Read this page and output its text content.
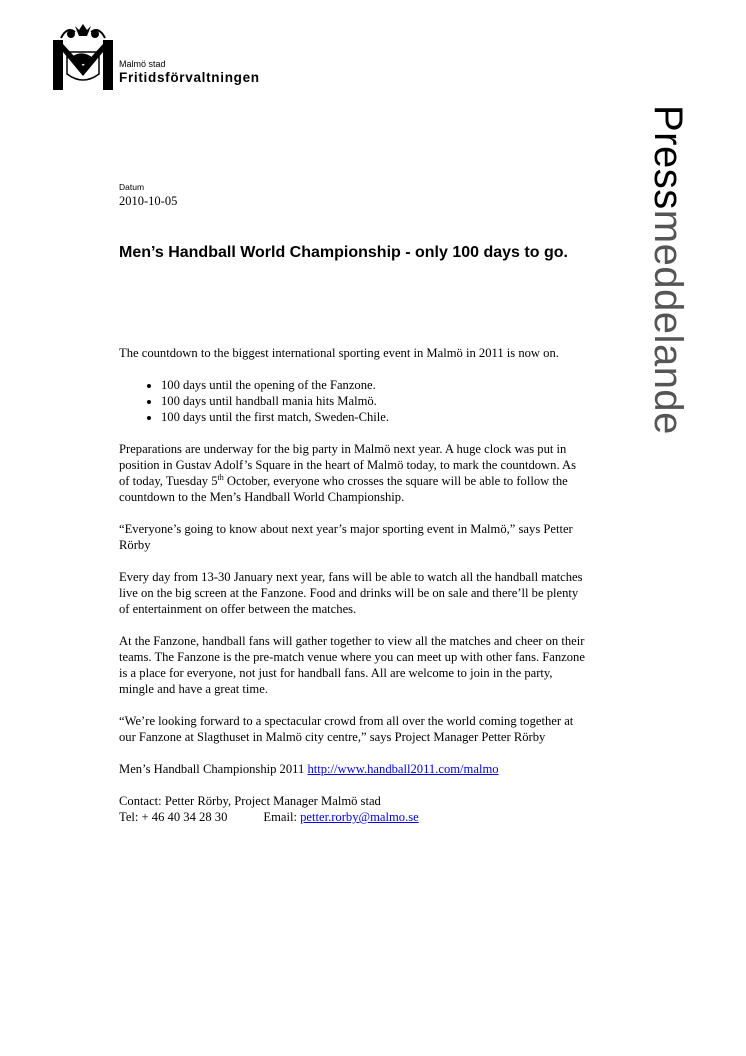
Malmö stad
Fritidsförvaltningen
Pressmeddelande
Datum
2010-10-05
Men’s Handball World Championship - only 100 days to go.

The countdown to the biggest international sporting event in Malmö in 2011 is now on.

• 100 days until the opening of the Fanzone.
• 100 days until handball mania hits Malmö.
• 100 days until the first match, Sweden-Chile.

Preparations are underway for the big party in Malmö next year. A huge clock was put in position in Gustav Adolf’s Square in the heart of Malmö today, to mark the countdown. As of today, Tuesday 5th October, everyone who crosses the square will be able to follow the countdown to the Men’s Handball World Championship.

“Everyone’s going to know about next year’s major sporting event in Malmö,” says Petter Rörby

Every day from 13-30 January next year, fans will be able to watch all the handball matches live on the big screen at the Fanzone. Food and drinks will be on sale and there’ll be plenty of entertainment on offer between the matches.

At the Fanzone, handball fans will gather together to view all the matches and cheer on their teams. The Fanzone is the pre-match venue where you can meet up with other fans. Fanzone is a place for everyone, not just for handball fans. All are welcome to join in the party, mingle and have a great time.

“We’re looking forward to a spectacular crowd from all over the world coming together at our Fanzone at Slagthuset in Malmö city centre,” says Project Manager Petter Rörby

Men’s Handball Championship 2011 http://www.handball2011.com/malmo

Contact: Petter Rörby, Project Manager Malmö stad
Tel: + 46 40 34 28 30	Email: petter.rorby@malmo.se
